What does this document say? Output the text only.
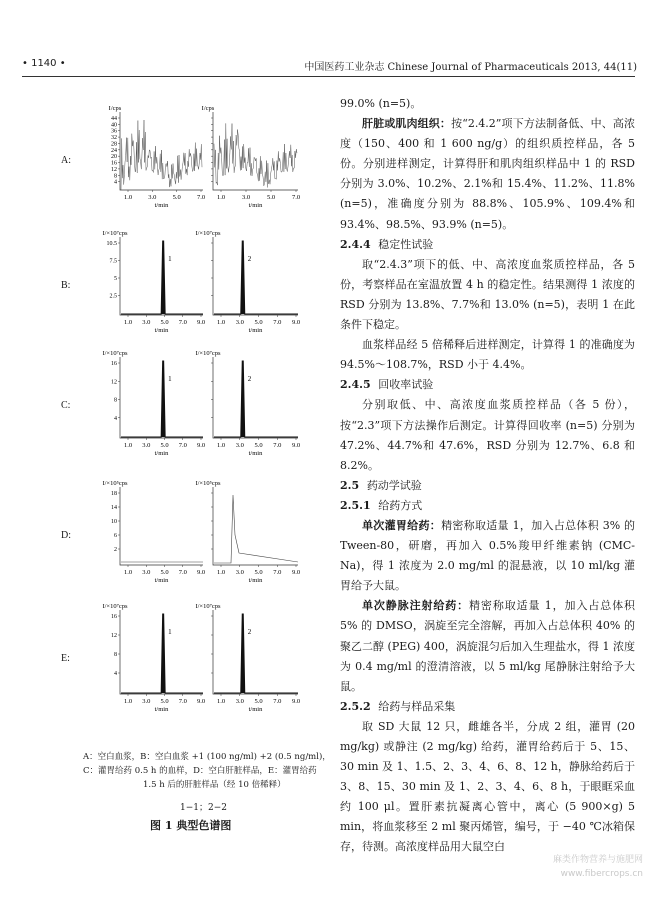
• 1140 •	中国医药工业杂志 Chinese Journal of Pharmaceuticals 2013, 44(11)
A:
I/cps
44
40
36
32
28
24
20
16
12
8
4
1.0 3.0 5.0 7.0
t/min
I/cps
1.0	3.0	5.0	7.0
t/min
B:
I/×10⁷cps
10.5
7.5
5
2.5
1.0 3.0 5.0 7.0 9.0
t/min
1
I/×10⁷cps
1.0 3.0 5.0 7.0 9.0
t/min
2
C:
I/×10⁷cps
16
12
8
4
1.0 3.0 5.0 7.0 9.0
t/min
1
I/×10⁷cps
1.0 3.0 5.0 7.0 9.0
t/min
2
D:
I/×10⁵cps
18
14
10
6
2
1.0 3.0 5.0 7.0 9.0
t/min
I/×10⁵cps
1.0 3.0 5.0 7.0 9.0
t/min
E:
I/×10⁷cps
16
12
8
4
1.0 3.0 5.0 7.0 9.0
t/min
1
I/×10⁷cps
1.0 3.0 5.0 7.0 9.0
t/min
2
A：空白血浆，B：空白血浆 +1 (100 ng/ml) +2 (0.5 ng/ml)，
C：灌胃给药 0.5 h 的血样，D：空白肝脏样品，E：灌胃给药
1.5 h 后的肝脏样品（经 10 倍稀释）
1−1；2−2
图 1 典型色谱图

99.0% (n=5)。

肝脏或肌肉组织：按“2.4.2”项下方法制备低、中、高浓度（150、400 和 1 600 ng/g）的组织质控样品，各 5 份。分别进样测定，计算得肝和肌肉组织样品中 1 的 RSD 分别为 3.0%、10.2%、2.1%和 15.4%、11.2%、11.8% (n=5)，准确度分别为 88.8%、105.9%、109.4%和 93.4%、98.5%、93.9% (n=5)。

2.4.4 稳定性试验

取“2.4.3”项下的低、中、高浓度血浆质控样品，各 5 份，考察样品在室温放置 4 h 的稳定性。结果测得 1 浓度的 RSD 分别为 13.8%、7.7%和 13.0% (n=5)，表明 1 在此条件下稳定。

血浆样品经 5 倍稀释后进样测定，计算得 1 的准确度为 94.5%～108.7%，RSD 小于 4.4%。

2.4.5 回收率试验

分别取低、中、高浓度血浆质控样品（各 5 份），按“2.3”项下方法操作后测定。计算得回收率 (n=5) 分别为 47.2%、44.7%和 47.6%，RSD 分别为 12.7%、6.8 和 8.2%。

2.5 药动学试验
2.5.1 给药方式

单次灌胃给药：精密称取适量 1，加入占总体积 3% 的 Tween-80，研磨，再加入 0.5%羧甲纤维素钠 (CMC-Na)，得 1 浓度为 2.0 mg/ml 的混悬液，以 10 ml/kg 灌胃给予大鼠。

单次静脉注射给药：精密称取适量 1，加入占总体积 5% 的 DMSO，涡旋至完全溶解，再加入占总体积 40% 的聚乙二醇 (PEG) 400，涡旋混匀后加入生理盐水，得 1 浓度为 0.4 mg/ml 的澄清溶液，以 5 ml/kg 尾静脉注射给予大鼠。

2.5.2 给药与样品采集

取 SD 大鼠 12 只，雌雄各半，分成 2 组，灌胃 (20 mg/kg) 或静注 (2 mg/kg) 给药，灌胃给药后于 5、15、30 min 及 1、1.5、2、3、4、6、8、12 h，静脉给药后于 3、8、15、30 min 及 1、2、3、4、6、8 h，于眼眶采血约 100 μl。置肝素抗凝离心管中，离心 (5 900×g) 5 min，将血浆移至 2 ml 聚丙烯管，编号，于 −40 ℃冰箱保存，待测。高浓度样品用大鼠空白

麻类作物营养与施肥网
www.fibercrops.cn
